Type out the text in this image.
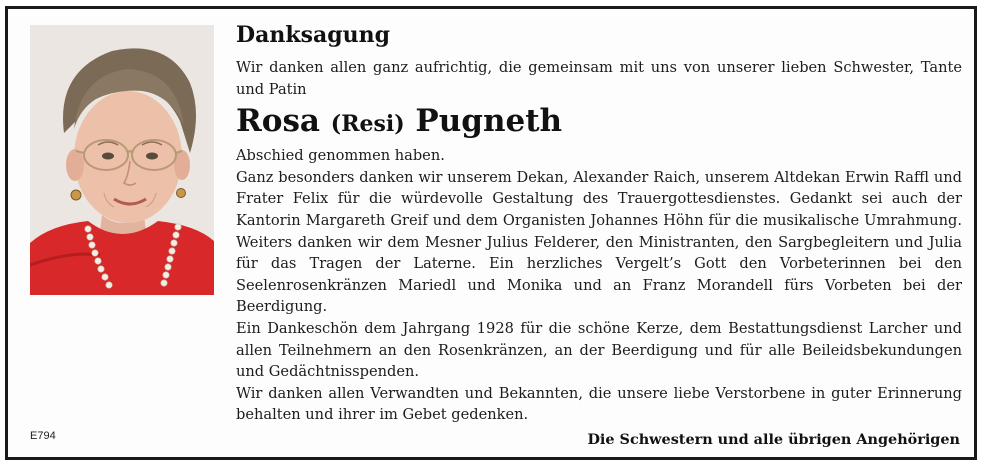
Danksagung

Wir danken allen ganz aufrichtig, die gemeinsam mit uns von unserer lieben Schwester, Tante und Patin

Rosa (Resi) Pugneth

Abschied genommen haben.

Ganz besonders danken wir unserem Dekan, Alexander Raich, unserem Altdekan Erwin Raffl und Frater Felix für die würdevolle Gestaltung des Trauergottesdienstes. Gedankt sei auch der Kantorin Margareth Greif und dem Organisten Johannes Höhn für die musikalische Umrahmung. Weiters danken wir dem Mesner Julius Felderer, den Ministranten, den Sargbegleitern und Julia für das Tragen der Laterne. Ein herzliches Vergelt’s Gott den Vorbeterinnen bei den Seelenrosenkränzen Mariedl und Monika und an Franz Morandell fürs Vorbeten bei der Beerdigung.

Ein Dankeschön dem Jahrgang 1928 für die schöne Kerze, dem Bestattungsdienst Larcher und allen Teilnehmern an den Rosenkränzen, an der Beerdigung und für alle Beileidsbekundungen und Gedächtnisspenden.

Wir danken allen Verwandten und Bekannten, die unsere liebe Verstorbene in guter Erinnerung behalten und ihrer im Gebet gedenken.

E794	Die Schwestern und alle übrigen Angehörigen
